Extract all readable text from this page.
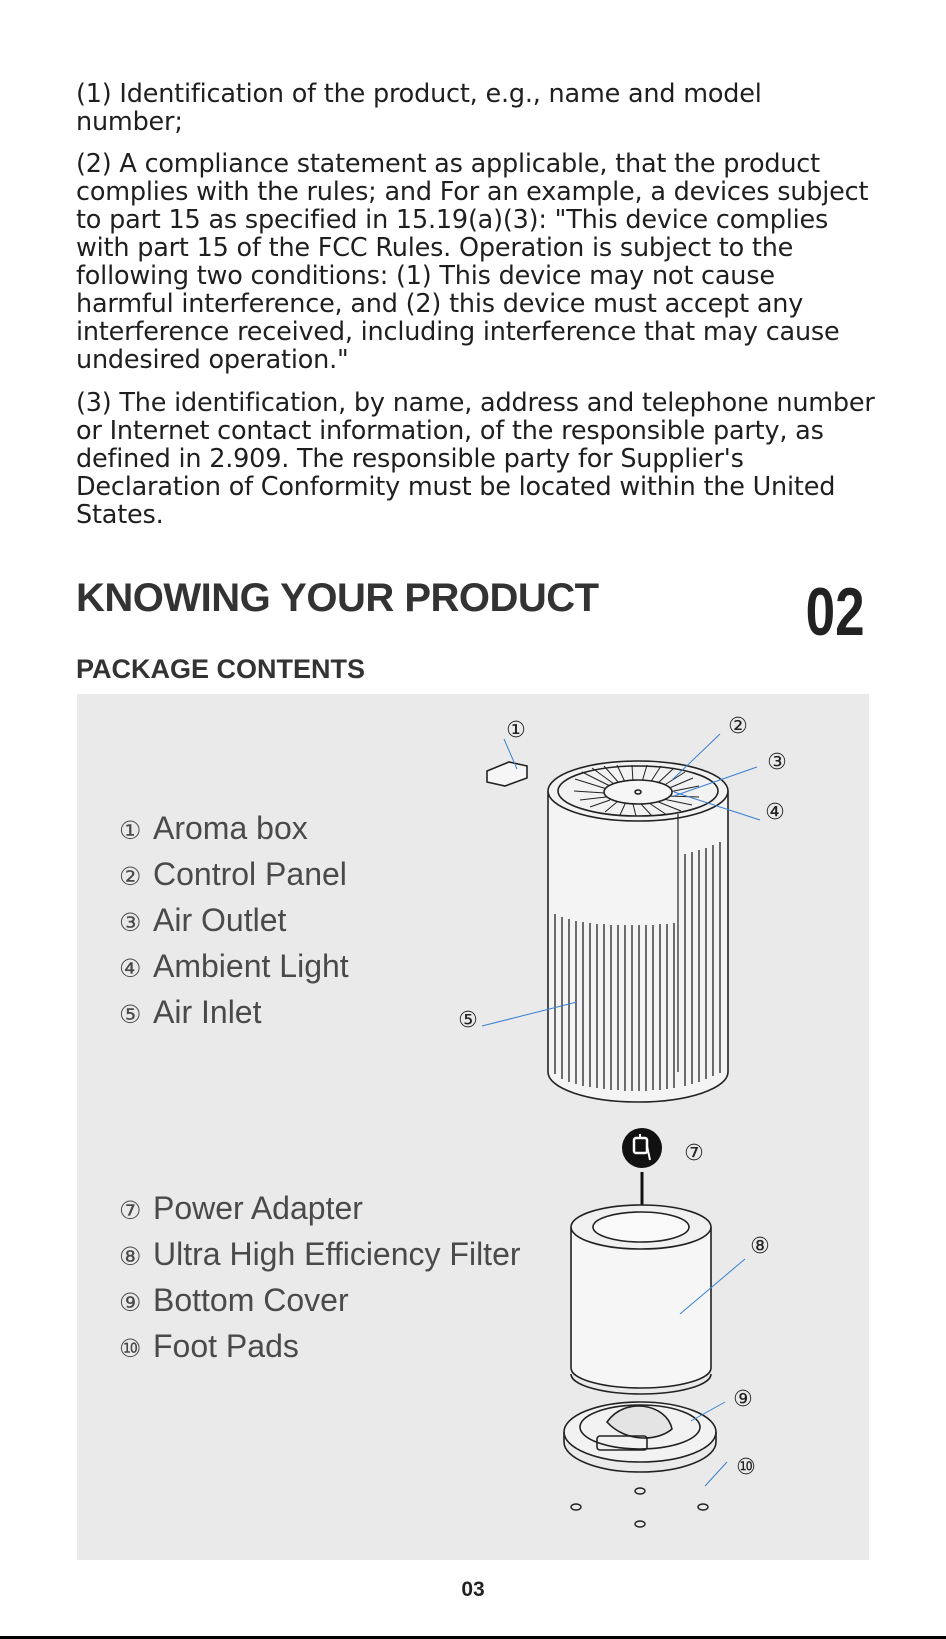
(1) Identification of the product, e.g., name and model number;

(2) A compliance statement as applicable, that the product complies with the rules; and For an example, a devices subject to part 15 as specified in 15.19(a)(3): "This device complies with part 15 of the FCC Rules. Operation is subject to the following two conditions: (1) This device may not cause harmful interference, and (2) this device must accept any interference received, including interference that may cause undesired operation."

(3) The identification, by name, address and telephone number or Internet contact information, of the responsible party, as defined in 2.909. The responsible party for Supplier's Declaration of Conformity must be located within the United States.

KNOWING YOUR PRODUCT	02
PACKAGE CONTENTS
① Aroma box
② Control Panel
③ Air Outlet
④ Ambient Light
⑤ Air Inlet
⑦ Power Adapter
⑧ Ultra High Efficiency Filter
⑨ Bottom Cover
⑩ Foot Pads
①	②
③
④
⑤
⑦
⑧
⑨
⑩
03
